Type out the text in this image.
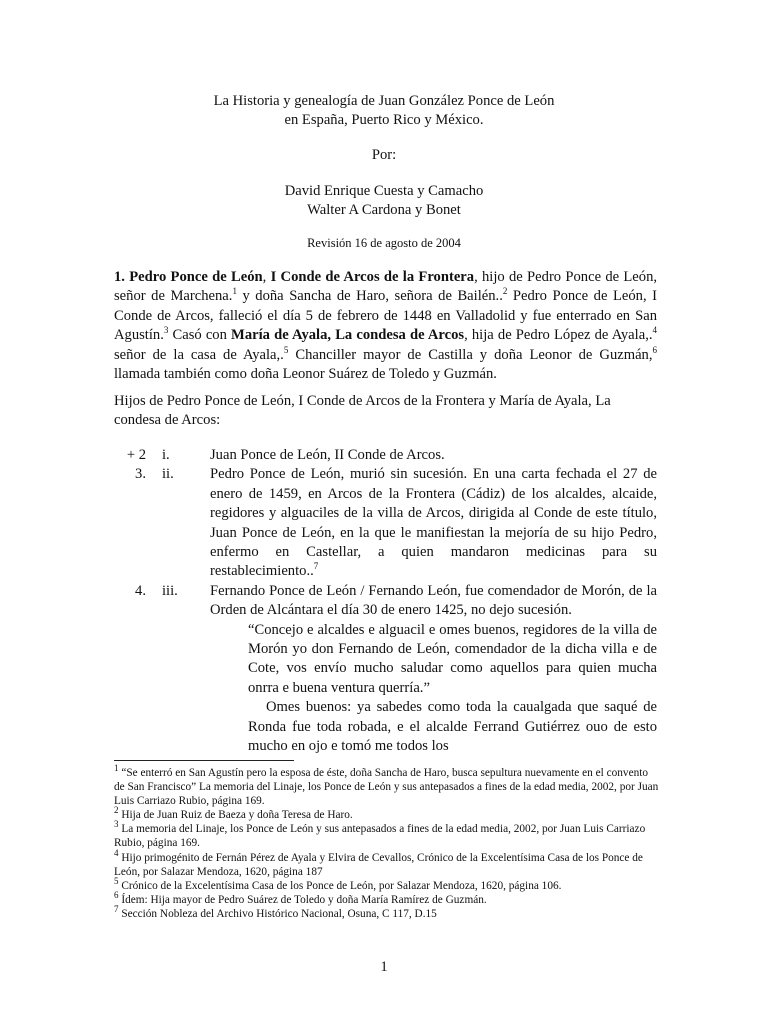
La Historia y genealogía de Juan González Ponce de León
en España, Puerto Rico y México.
Por:
David Enrique Cuesta y Camacho
Walter A Cardona y Bonet
Revisión 16 de agosto de 2004
1. Pedro Ponce de León, I Conde de Arcos de la Frontera, hijo de Pedro Ponce de León, señor de Marchena.$^1$ y doña Sancha de Haro, señora de Bailén..$^2$ Pedro Ponce de León, I Conde de Arcos, falleció el día 5 de febrero de 1448 en Valladolid y fue enterrado en San Agustín.$^3$ Casó con María de Ayala, La condesa de Arcos, hija de Pedro López de Ayala,.$^4$ señor de la casa de Ayala,.$^5$ Chanciller mayor de Castilla y doña Leonor de Guzmán,$^6$ llamada también como doña Leonor Suárez de Toledo y Guzmán.
Hijos de Pedro Ponce de León, I Conde de Arcos de la Frontera y María de Ayala, La condesa de Arcos:
+ 2 i.	Juan Ponce de León, II Conde de Arcos.
3. ii. Pedro Ponce de León, murió sin sucesión. En una carta fechada el 27 de enero de 1459, en Arcos de la Frontera (Cádiz) de los alcaldes, alcaide, regidores y alguaciles de la villa de Arcos, dirigida al Conde de este título, Juan Ponce de León, en la que le manifiestan la mejoría de su hijo Pedro, enfermo en Castellar, a quien mandaron medicinas para su restablecimiento..$^7$
4. iii. Fernando Ponce de León / Fernando León, fue comendador de Morón, de la Orden de Alcántara el día 30 de enero 1425, no dejo sucesión.
“Concejo e alcaldes e alguacil e omes buenos, regidores de la villa de Morón yo don Fernando de León, comendador de la dicha villa e de Cote, vos envío mucho saludar como aquellos para quien mucha onrra e buena ventura querría.”
Omes buenos: ya sabedes como toda la caualgada que saqué de Ronda fue toda robada, e el alcalde Ferrand Gutiérrez ouo de esto mucho en ojo e tomó me todos los
$^1$ “Se enterró en San Agustín pero la esposa de éste, doña Sancha de Haro, busca sepultura nuevamente en el convento de San Francisco” La memoria del Linaje, los Ponce de León y sus antepasados a fines de la edad media, 2002, por Juan Luis Carriazo Rubio, página 169.
$^2$ Hija de Juan Ruiz de Baeza y doña Teresa de Haro.
$^3$ La memoria del Linaje, los Ponce de León y sus antepasados a fines de la edad media, 2002, por Juan Luis Carriazo Rubio, página 169.
$^4$ Hijo primogénito de Fernán Pérez de Ayala y Elvira de Cevallos, Crónico de la Excelentísima Casa de los Ponce de León, por Salazar Mendoza, 1620, página 187
$^5$ Crónico de la Excelentísima Casa de los Ponce de León, por Salazar Mendoza, 1620, página 106.
$^6$ Ídem: Hija mayor de Pedro Suárez de Toledo y doña María Ramírez de Guzmán.
$^7$ Sección Nobleza del Archivo Histórico Nacional, Osuna, C 117, D.15
1
